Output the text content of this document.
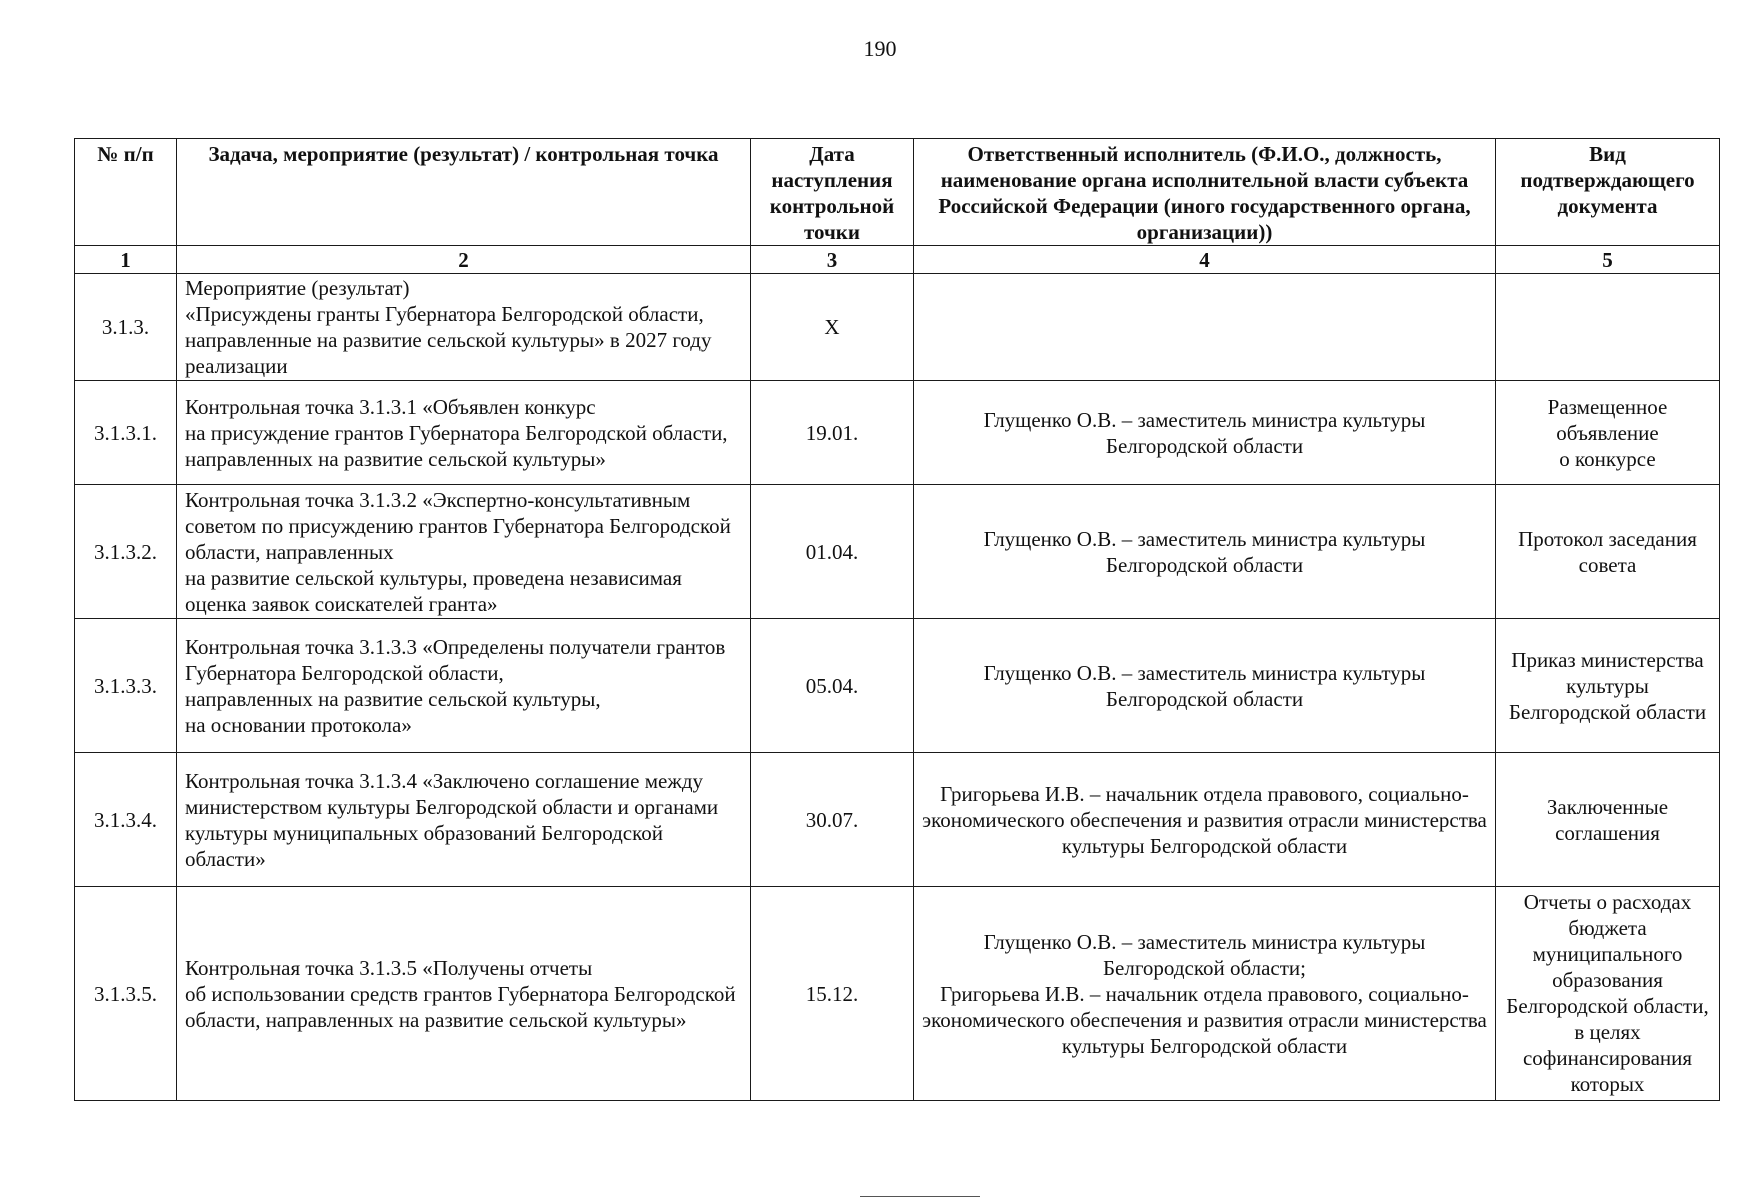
190
№ п/п	Задача, мероприятие (результат) / контрольная точка	Дата наступления контрольной точки	Ответственный исполнитель (Ф.И.О., должность, наименование органа исполнительной власти субъекта Российской Федерации (иного государственного органа, организации))	Вид подтверждающего документа
1	2	3	4	5
3.1.3.	Мероприятие (результат)
«Присуждены гранты Губернатора Белгородской области, направленные на развитие сельской культуры» в 2027 году реализации	X		
3.1.3.1.	Контрольная точка 3.1.3.1 «Объявлен конкурс
на присуждение грантов Губернатора Белгородской области, направленных на развитие сельской культуры»	19.01.	Глущенко О.В. – заместитель министра культуры Белгородской области	Размещенное объявление
о конкурсе
3.1.3.2.	Контрольная точка 3.1.3.2 «Экспертно-консультативным советом по присуждению грантов Губернатора Белгородской области, направленных
на развитие сельской культуры, проведена независимая оценка заявок соискателей гранта»	01.04.	Глущенко О.В. – заместитель министра культуры Белгородской области	Протокол заседания совета
3.1.3.3.	Контрольная точка 3.1.3.3 «Определены получатели грантов Губернатора Белгородской области,
направленных на развитие сельской культуры,
на основании протокола»	05.04.	Глущенко О.В. – заместитель министра культуры Белгородской области	Приказ министерства культуры Белгородской области
3.1.3.4.	Контрольная точка 3.1.3.4 «Заключено соглашение между министерством культуры Белгородской области и органами культуры муниципальных образований Белгородской области»	30.07.	Григорьева И.В. – начальник отдела правового, социально-экономического обеспечения и развития отрасли министерства культуры Белгородской области	Заключенные соглашения
3.1.3.5.	Контрольная точка 3.1.3.5 «Получены отчеты
об использовании средств грантов Губернатора Белгородской области, направленных на развитие сельской культуры»	15.12.	Глущенко О.В. – заместитель министра культуры Белгородской области;
Григорьева И.В. – начальник отдела правового, социально-экономического обеспечения и развития отрасли министерства культуры Белгородской области	Отчеты о расходах бюджета муниципального образования Белгородской области, в целях софинансирования которых
